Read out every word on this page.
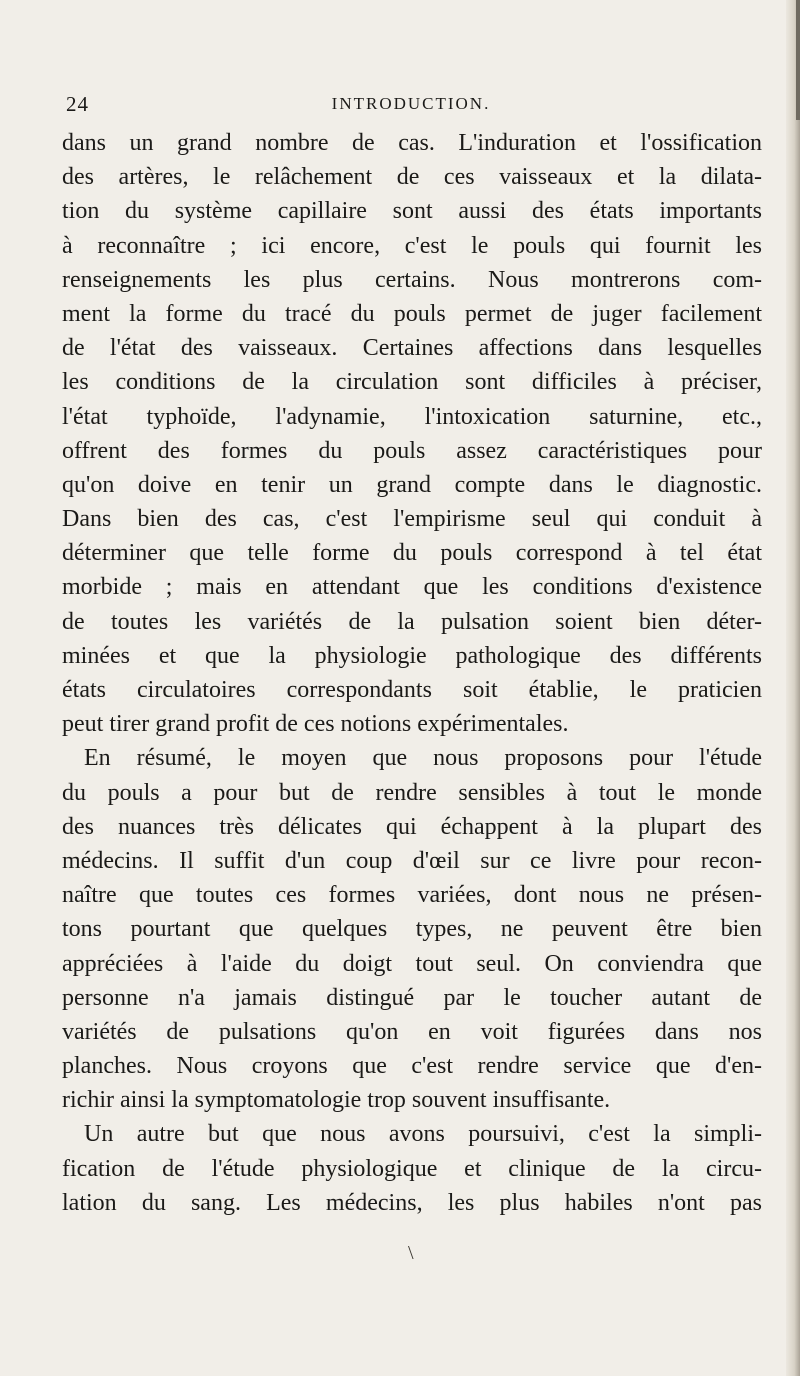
24	INTRODUCTION.
dans un grand nombre de cas. L'induration et l'ossification
des artères, le relâchement de ces vaisseaux et la dilata-
tion du système capillaire sont aussi des états importants
à reconnaître ; ici encore, c'est le pouls qui fournit les
renseignements les plus certains. Nous montrerons com-
ment la forme du tracé du pouls permet de juger facilement
de l'état des vaisseaux. Certaines affections dans lesquelles
les conditions de la circulation sont difficiles à préciser,
l'état typhoïde, l'adynamie, l'intoxication saturnine, etc.,
offrent des formes du pouls assez caractéristiques pour
qu'on doive en tenir un grand compte dans le diagnostic.
Dans bien des cas, c'est l'empirisme seul qui conduit à
déterminer que telle forme du pouls correspond à tel état
morbide ; mais en attendant que les conditions d'existence
de toutes les variétés de la pulsation soient bien déter-
minées et que la physiologie pathologique des différents
états circulatoires correspondants soit établie, le praticien
peut tirer grand profit de ces notions expérimentales.
En résumé, le moyen que nous proposons pour l'étude
du pouls a pour but de rendre sensibles à tout le monde
des nuances très délicates qui échappent à la plupart des
médecins. Il suffit d'un coup d'œil sur ce livre pour recon-
naître que toutes ces formes variées, dont nous ne présen-
tons pourtant que quelques types, ne peuvent être bien
appréciées à l'aide du doigt tout seul. On conviendra que
personne n'a jamais distingué par le toucher autant de
variétés de pulsations qu'on en voit figurées dans nos
planches. Nous croyons que c'est rendre service que d'en-
richir ainsi la symptomatologie trop souvent insuffisante.
Un autre but que nous avons poursuivi, c'est la simpli-
fication de l'étude physiologique et clinique de la circu-
lation du sang. Les médecins, les plus habiles n'ont pas
\
